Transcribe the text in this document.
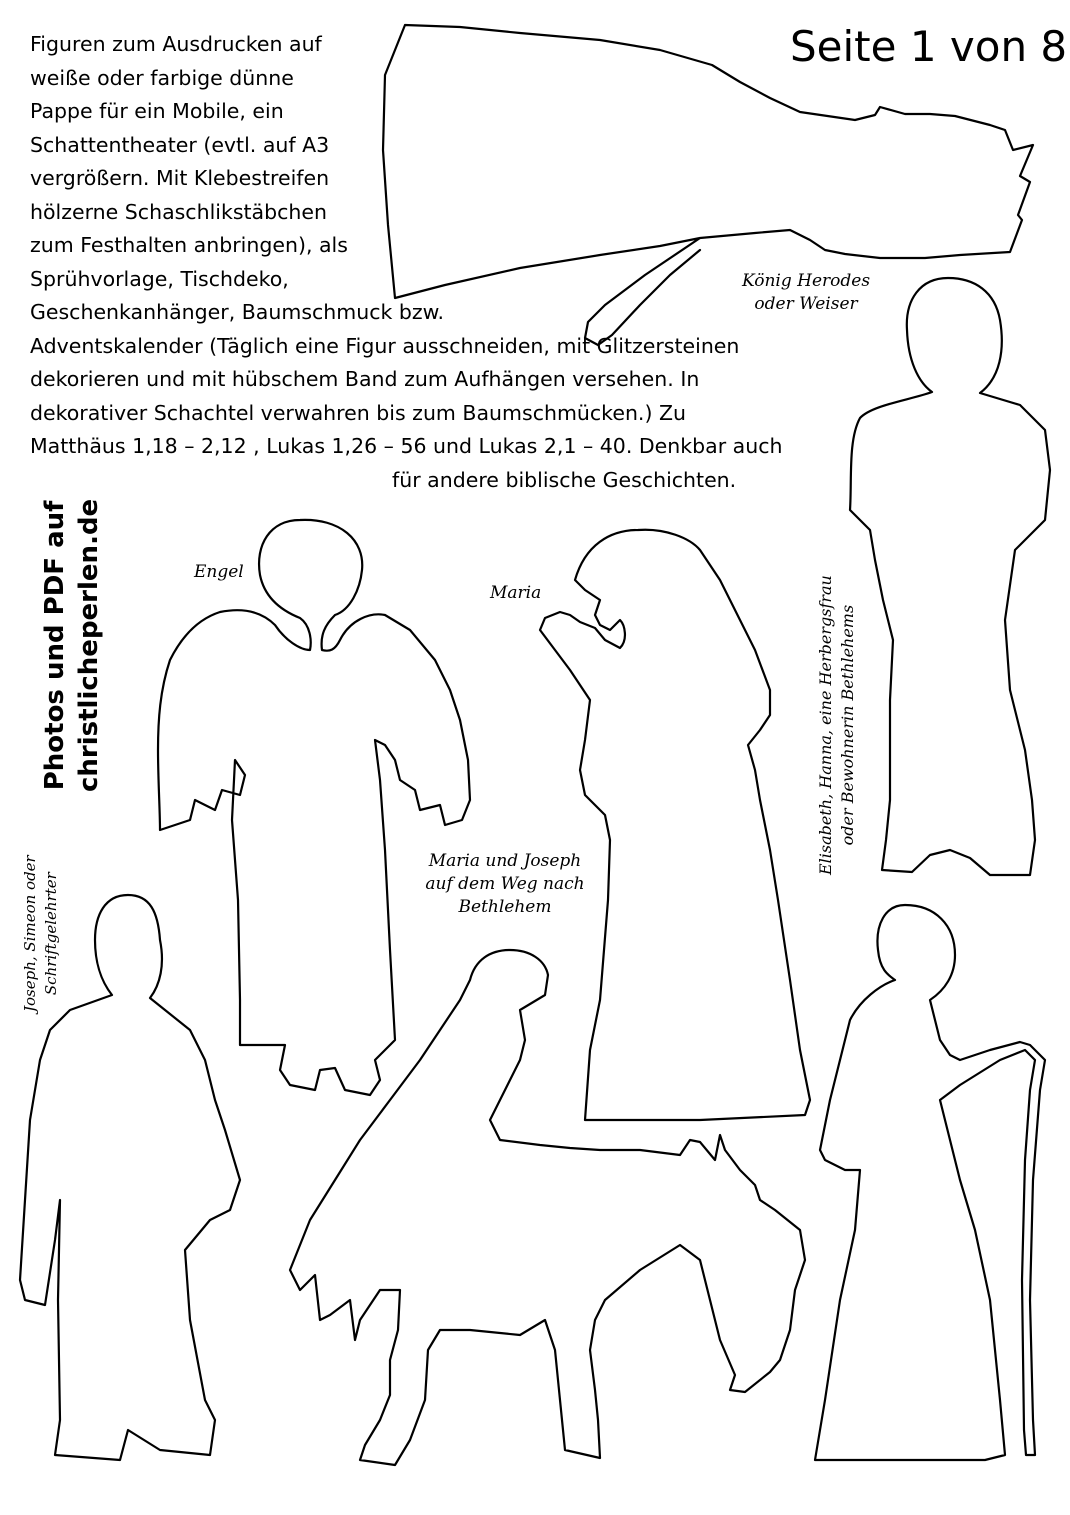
Seite 1 von 8
Figuren zum Ausdrucken auf
weiße oder farbige dünne
Pappe für ein Mobile, ein
Schattentheater (evtl. auf A3
vergrößern. Mit Klebestreifen
hölzerne Schaschlikstäbchen
zum Festhalten anbringen), als
Sprühvorlage, Tischdeko,
Geschenkanhänger, Baumschmuck bzw.
Adventskalender (Täglich eine Figur ausschneiden, mit Glitzersteinen
dekorieren und mit hübschem Band zum Aufhängen versehen. In
dekorativer Schachtel verwahren bis zum Baumschmücken.) Zu
Matthäus 1,18 – 2,12 , Lukas 1,26 – 56 und Lukas 2,1 – 40. Denkbar auch
für andere biblische Geschichten.
König Herodes
oder Weiser
Engel
Maria
Maria und Joseph
auf dem Weg nach
Bethlehem
Photos und PDF auf christlicheperlen.de	Elisabeth, Hanna, eine Herbergsfrau oder Bewohnerin Bethlehems
Joseph, Simeon oder Schriftgelehrter
